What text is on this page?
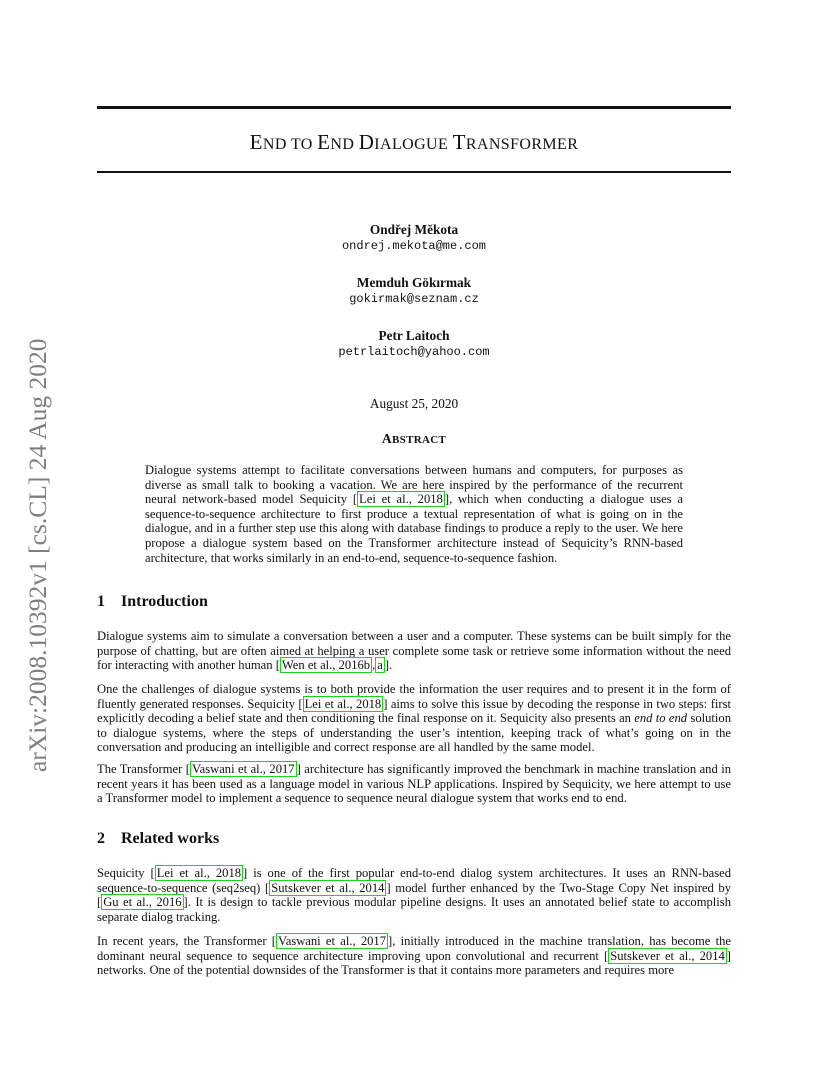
arXiv:2008.10392v1 [cs.CL] 24 Aug 2020
END TO END DIALOGUE TRANSFORMER
Ondřej Měkota
ondrej.mekota@me.com
Memduh Gökırmak
gokirmak@seznam.cz
Petr Laitoch
petrlaitoch@yahoo.com
August 25, 2020
ABSTRACT
Dialogue systems attempt to facilitate conversations between humans and computers, for purposes as diverse as small talk to booking a vacation. We are here inspired by the performance of the recurrent neural network-based model Sequicity [ Lei et al., 2018 ], which when conducting a dialogue uses a sequence-to-sequence architecture to first produce a textual representation of what is going on in the dialogue, and in a further step use this along with database findings to produce a reply to the user. We here propose a dialogue system based on the Transformer architecture instead of Sequicity’s RNN-based architecture, that works similarly in an end-to-end, sequence-to-sequence fashion.
1 Introduction
Dialogue systems aim to simulate a conversation between a user and a computer. These systems can be built simply for the purpose of chatting, but are often aimed at helping a user complete some task or retrieve some information without the need for interacting with another human [ Wen et al., 2016b , a ].
One the challenges of dialogue systems is to both provide the information the user requires and to present it in the form of fluently generated responses. Sequicity [ Lei et al., 2018 ] aims to solve this issue by decoding the response in two steps: first explicitly decoding a belief state and then conditioning the final response on it. Sequicity also presents an end to end solution to dialogue systems, where the steps of understanding the user’s intention, keeping track of what’s going on in the conversation and producing an intelligible and correct response are all handled by the same model.
The Transformer [ Vaswani et al., 2017 ] architecture has significantly improved the benchmark in machine translation and in recent years it has been used as a language model in various NLP applications. Inspired by Sequicity, we here attempt to use a Transformer model to implement a sequence to sequence neural dialogue system that works end to end.
2 Related works
Sequicity [ Lei et al., 2018 ] is one of the first popular end-to-end dialog system architectures. It uses an RNN-based sequence-to-sequence (seq2seq) [ Sutskever et al., 2014 ] model further enhanced by the Two-Stage Copy Net inspired by [ Gu et al., 2016 ]. It is design to tackle previous modular pipeline designs. It uses an annotated belief state to accomplish separate dialog tracking.
In recent years, the Transformer [ Vaswani et al., 2017 ], initially introduced in the machine translation, has become the dominant neural sequence to sequence architecture improving upon convolutional and recurrent [ Sutskever et al., 2014 ] networks. One of the potential downsides of the Transformer is that it contains more parameters and requires more
